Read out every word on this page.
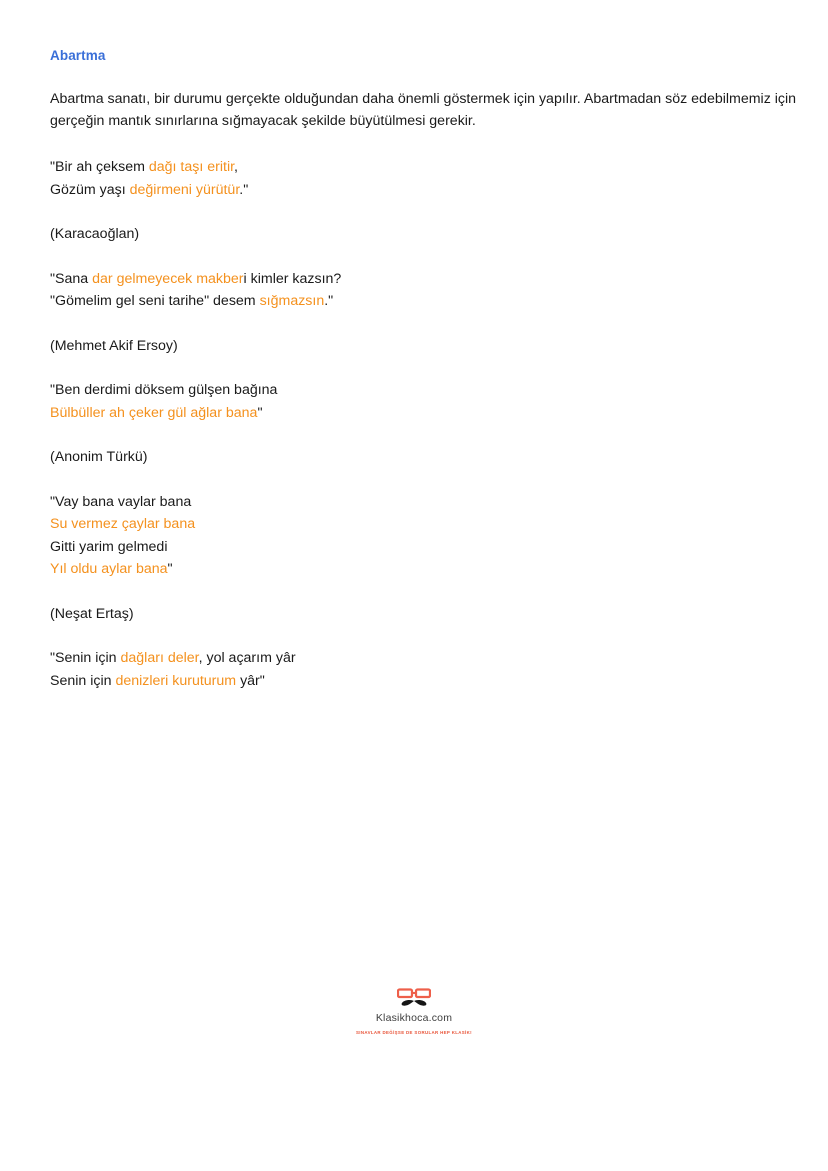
Abartma

Abartma sanatı, bir durumu gerçekte olduğundan daha önemli göstermek için yapılır. Abartmadan söz edebilmemiz için gerçeğin mantık sınırlarına sığmayacak şekilde büyütülmesi gerekir.

"Bir ah çeksem dağı taşı eritir,
Gözüm yaşı değirmeni yürütür."

(Karacaoğlan)

"Sana dar gelmeyecek makberi kimler kazsın?
"Gömelim gel seni tarihe" desem sığmazsın."

(Mehmet Akif Ersoy)

"Ben derdimi döksem gülşen bağına
Bülbüller ah çeker gül ağlar bana"

(Anonim Türkü)

"Vay bana vaylar bana
Su vermez çaylar bana
Gitti yarim gelmedi
Yıl oldu aylar bana"

(Neşat Ertaş)

"Senin için dağları deler, yol açarım yâr
Senin için denizleri kuruturum yâr"

Klasikhoca.com

SINAVLAR DEĞİŞSE DE SORULAR HEP KLASİK!
